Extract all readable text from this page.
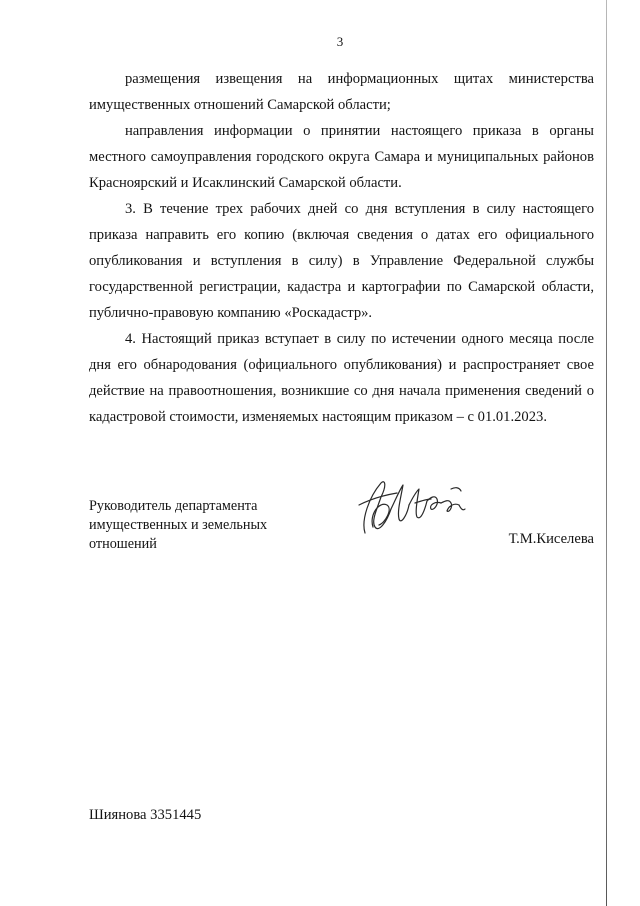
3

размещения извещения на информационных щитах министерства имущественных отношений Самарской области;

направления информации о принятии настоящего приказа в органы местного самоуправления городского округа Самара и муниципальных районов Красноярский и Исаклинский Самарской области.

3. В течение трех рабочих дней со дня вступления в силу настоящего приказа направить его копию (включая сведения о датах его официального опубликования и вступления в силу) в Управление Федеральной службы государственной регистрации, кадастра и картографии по Самарской области, публично-правовую компанию «Роскадастр».

4. Настоящий приказ вступает в силу по истечении одного месяца после дня его обнародования (официального опубликования) и распространяет свое действие на правоотношения, возникшие со дня начала применения сведений о кадастровой стоимости, изменяемых настоящим приказом – с 01.01.2023.

Руководитель департамента
имущественных и земельных
отношений	Т.М.Киселева
Шиянова 3351445
